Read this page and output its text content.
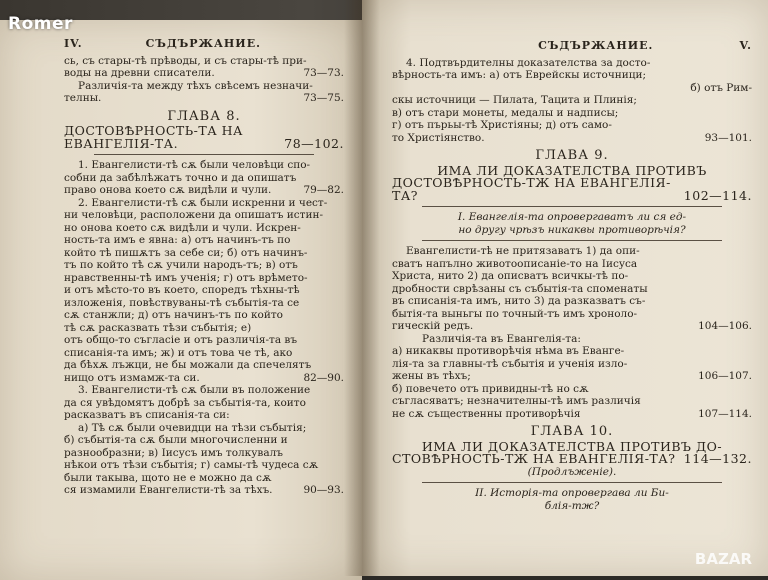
IV.	СЪДЪРЖАНИЕ.
сь, съ стары-тѣ прѣводы, и съ стары-тѣ при-
воды на древни списатели.	73—73.
Различія-та между тѣхъ свѣсемъ незначи-
телны.	73—75.
ГЛАВА 8.
ДОСТОВѢРНОСТЬ-ТА НА ЕВАНГЕЛІЯ-ТА.	78—102.

1. Евангелисти-тѣ сѫ были человѣци спо-

собни да забѣлѣжатъ точно и да опишатъ

право онова което сѫ видѣли и чули.	79—82.

2. Евангелисти-тѣ сѫ были искренни и чест-

ни человѣци, расположени да опишатъ истин-

но онова което сѫ видѣли и чули. Искрен-

ность-та имъ е явна: а) отъ начинъ-тъ по

който тѣ пишѫтъ за себе си; б) отъ начинъ-

тъ по който тѣ сѫ учили народъ-тъ; в) отъ

нравственны-тѣ имъ ученія; г) отъ врѣмето-

и отъ мѣсто-то въ което, споредъ тѣхны-тѣ

изложенія, повѣствуваны-тѣ събытія-та се

сѫ станжли; д) отъ начинъ-тъ по който

тѣ сѫ расказвать тѣзи събытія; е)

отъ общо-то съгласіе и отъ различія-та въ

списанія-та имъ; ж) и отъ това че тѣ, ако

да бѣхѫ лъжци, не бы можали да спечелятъ

нищо отъ измамж-та си.	82—90.

3. Евангелисти-тѣ сѫ были въ положение

да ся увѣдомятъ добрѣ за събытія-та, които

расказватъ въ списанія-та си:

а) Тѣ сѫ были очевидци на тѣзи събытія;

б) събытія-та сѫ были многочисленни и

разнообразни; в) Іисусъ имъ толкувалъ

нѣкои отъ тѣзи събытія; г) самы-тѣ чудеса сѫ

были такыва, щото не е можно да сѫ

ся измамили Евангелисти-тѣ за тѣхъ.	90—93.
СЪДЪРЖАНИЕ.	V.

4. Подтвърдителны доказателства за досто-

вѣрность-та имъ: а) отъ Еврейскы источници;

б) отъ Рим-

скы источници — Пилата, Тацита и Плинія;

в) отъ стари монеты, медалы и надписы;

г) отъ пърьы-тѣ Христіяны; д) отъ само-

то Христіянство.	93—101.
ГЛАВА 9.
ИМА ЛИ ДОКАЗАТЕЛСТВА ПРОТИВЪ
ДОСТОВѢРНОСТЬ-ТЖ НА ЕВАНГЕЛІЯ-ТА?	102—114.

I. Евангелія-та опровергаватъ ли ся ед-

но другу чрѣзъ никаквы противорѣчія?

Евангелисти-тѣ не притязаватъ 1) да опи-

сватъ напълно животоописаніе-то на Іисуса

Христа, нито 2) да описватъ всичкы-тѣ по-

дробности сврѣзаны съ събытія-та споменаты

въ списанія-та имъ, нито 3) да разказватъ съ-

бытія-та выньгы по точный-тъ имъ хроноло-

гическій редъ.	104—106.

Различія-та въ Евангелія-та:

а) никаквы противорѣчія нѣма въ Еванге-
лія-та за главны-тѣ събытія и ученія изло-
жены въ тѣхъ;	106—107.
б) повечето отъ привидны-тѣ но сѫ
съгласяватъ; незначителны-тѣ имъ различія
не сѫ същественны противорѣчія	107—114.
ГЛАВА 10.
ИМА ЛИ ДОКАЗАТЕЛСТВА ПРОТИВЪ ДО-
СТОВѢРНОСТЬ-ТЖ НА ЕВАНГЕЛІЯ-ТА? 114—132.

(Продлъженіе).

II. Исторія-та опровергава ли Би-

блія-тж?

Romer
BAZAR
